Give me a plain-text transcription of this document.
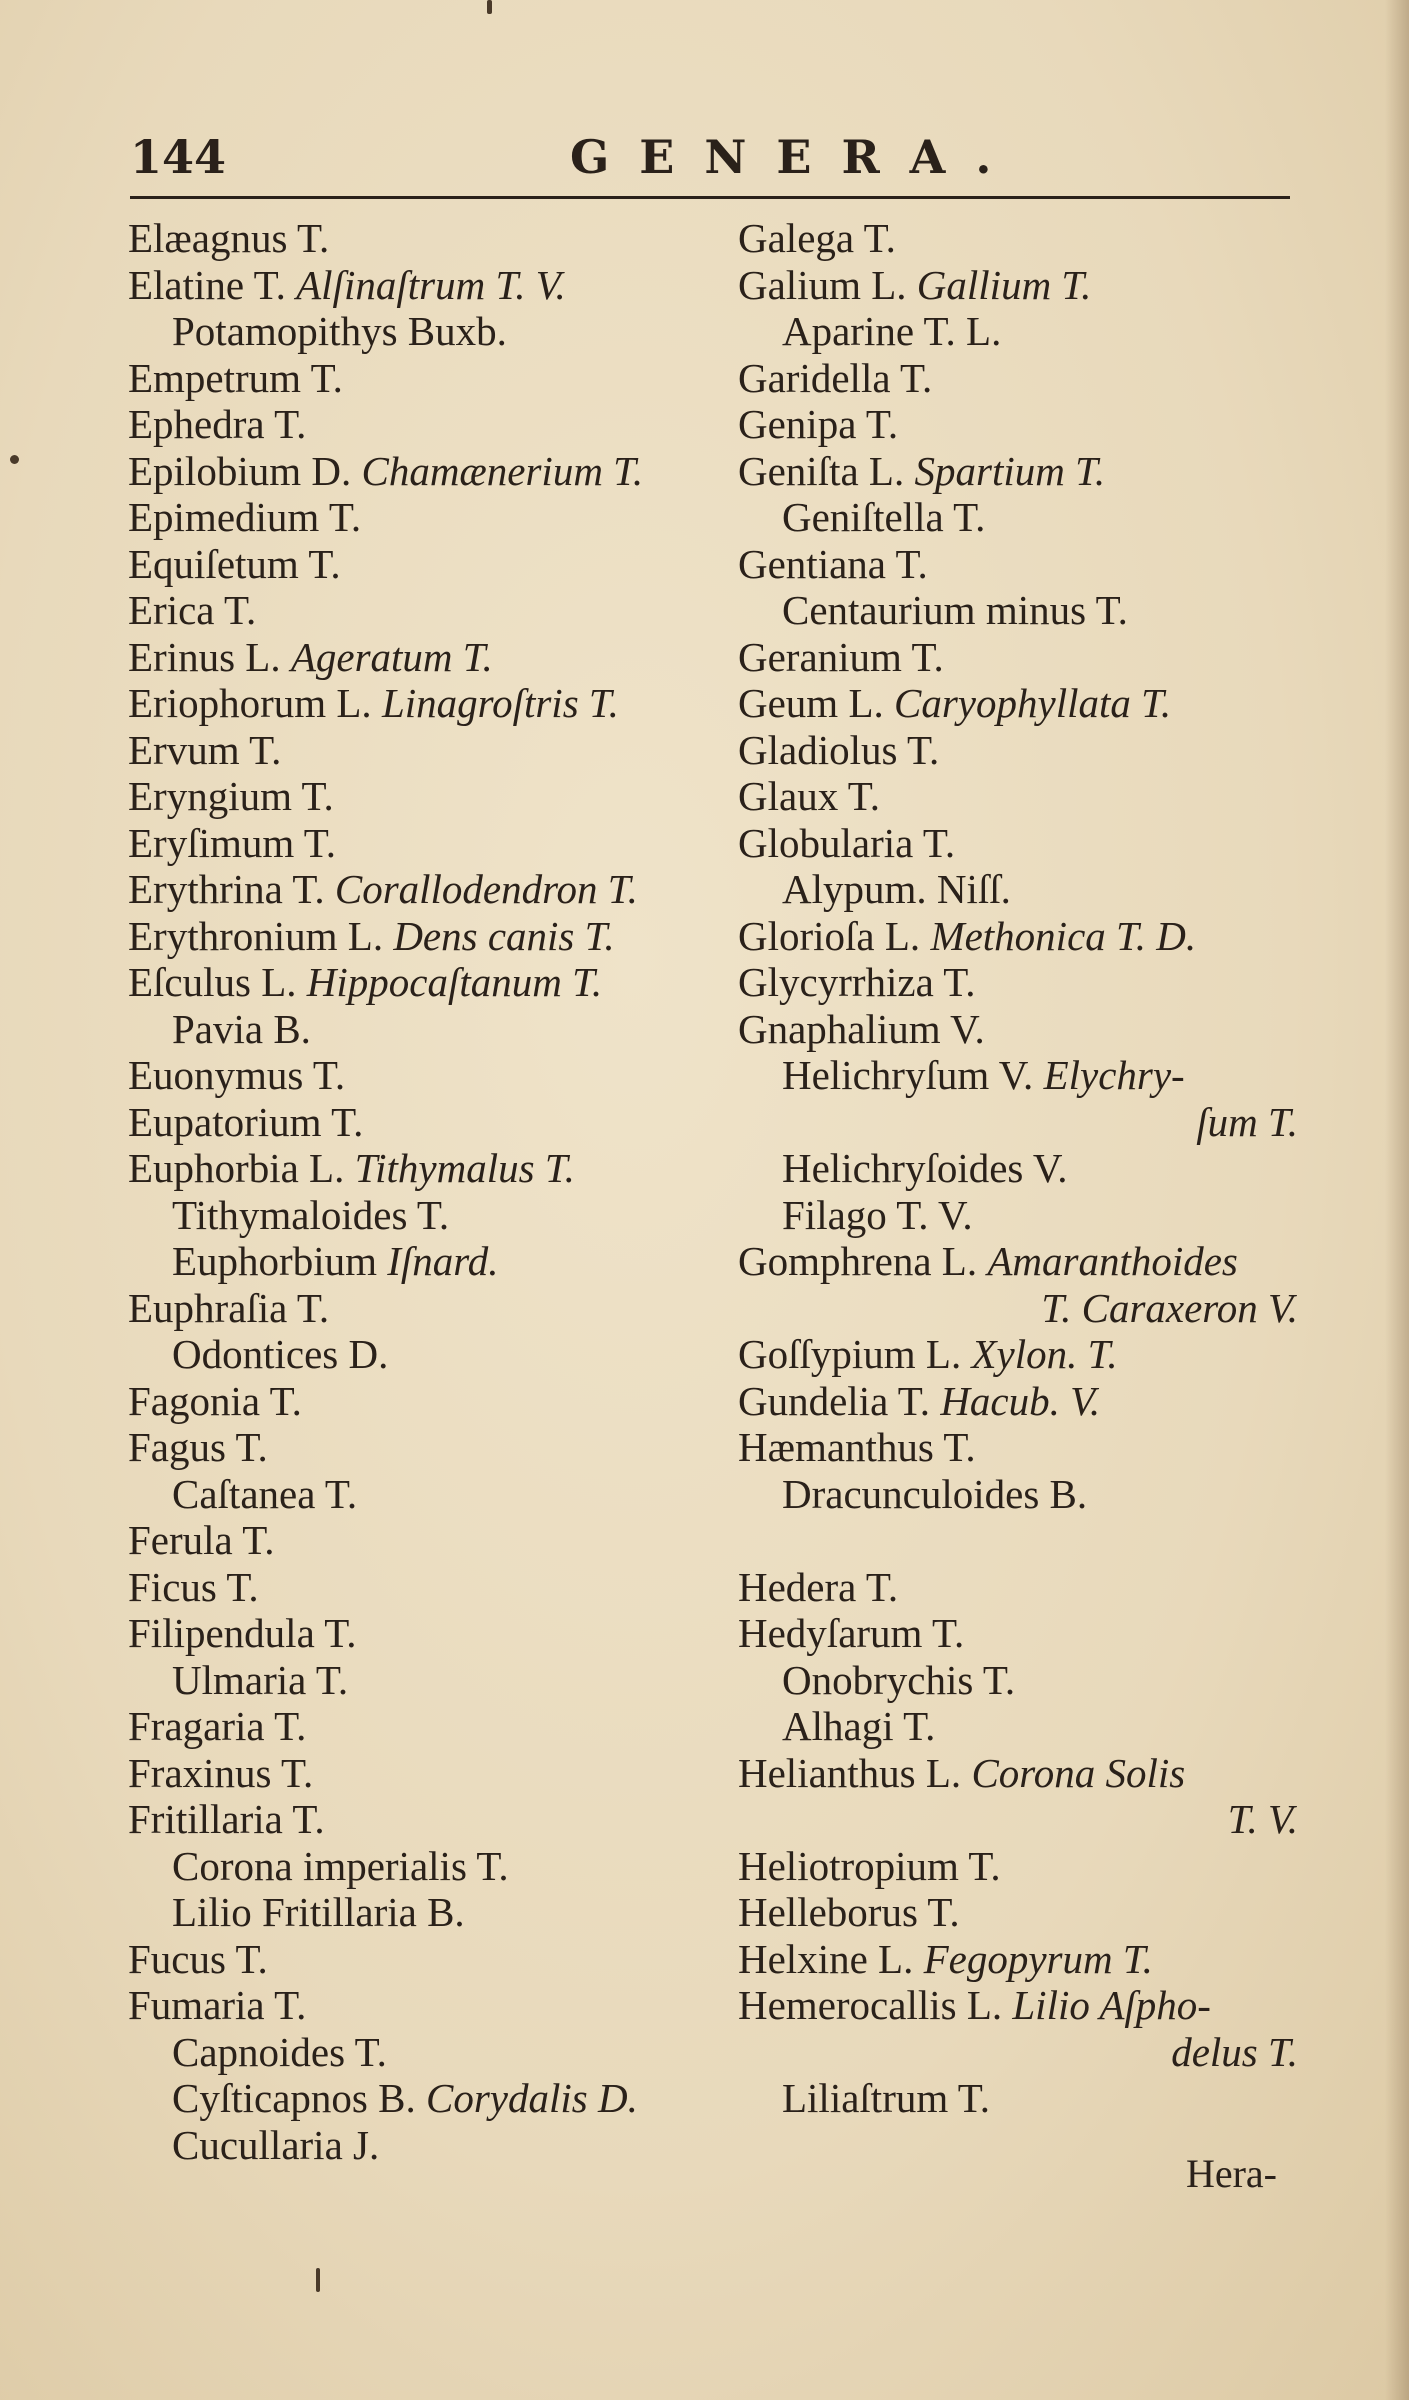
144	GENERA.
Elæagnus T.
Elatine T. Alſinaſtrum T. V.
Potamopithys Buxb.
Empetrum T.
Ephedra T.
Epilobium D. Chamænerium T.
Epimedium T.
Equiſetum T.
Erica T.
Erinus L. Ageratum T.
Eriophorum L. Linagroſtris T.
Ervum T.
Eryngium T.
Eryſimum T.
Erythrina T. Corallodendron T.
Erythronium L. Dens canis T.
Eſculus L. Hippocaſtanum T.
Pavia B.
Euonymus T.
Eupatorium T.
Euphorbia L. Tithymalus T.
Tithymaloides T.
Euphorbium Iſnard.
Euphraſia T.
Odontices D.
Fagonia T.
Fagus T.
Caſtanea T.
Ferula T.
Ficus T.
Filipendula T.
Ulmaria T.
Fragaria T.
Fraxinus T.
Fritillaria T.
Corona imperialis T.
Lilio Fritillaria B.
Fucus T.
Fumaria T.
Capnoides T.
Cyſticapnos B. Corydalis D.
Cucullaria J.
Galega T.
Galium L. Gallium T.
Aparine T. L.
Garidella T.
Genipa T.
Geniſta L. Spartium T.
Geniſtella T.
Gentiana T.
Centaurium minus T.
Geranium T.
Geum L. Caryophyllata T.
Gladiolus T.
Glaux T.
Globularia T.
Alypum. Niſſ.
Glorioſa L. Methonica T. D.
Glycyrrhiza T.
Gnaphalium V.
Helichryſum V. Elychry-
ſum T.
Helichryſoides V.
Filago T. V.
Gomphrena L. Amaranthoides
T. Caraxeron V.
Goſſypium L. Xylon. T.
Gundelia T. Hacub. V.
Hæmanthus T.
Dracunculoides B.
Hedera T.
Hedyſarum T.
Onobrychis T.
Alhagi T.
Helianthus L. Corona Solis
T. V.
Heliotropium T.
Helleborus T.
Helxine L. Fegopyrum T.
Hemerocallis L. Lilio Aſpho-
delus T.
Liliaſtrum T.
Hera-
